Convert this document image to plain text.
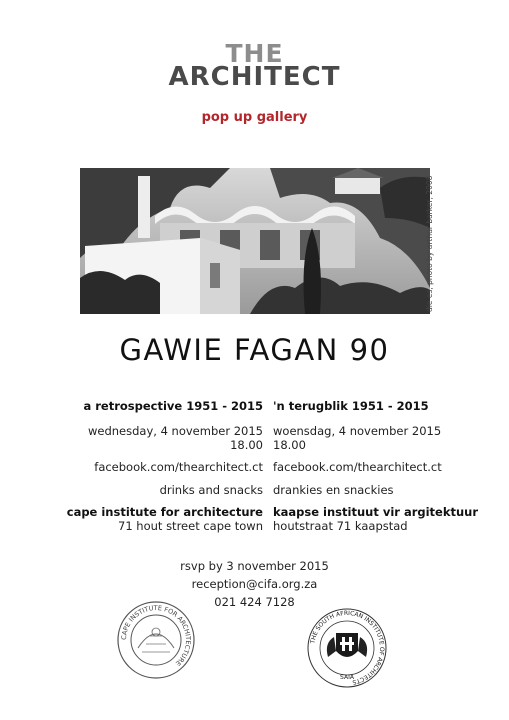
THE
ARCHITECT
pop up gallery
die es, photo by arthur barker, 2008
GAWIE FAGAN 90
a retrospective 1951 - 2015
wednesday, 4 november 2015
18.00
facebook.com/thearchitect.ct
drinks and snacks
cape institute for architecture
71 hout street cape town
'n terugblik 1951 - 2015
woensdag, 4 november 2015
18.00
facebook.com/thearchitect.ct
drankies en snackies
kaapse instituut vir argitektuur
houtstraat 71 kaapstad
rsvp by 3 november 2015
reception@cifa.org.za
021 424 7128
CAPE INSTITUTE FOR ARCHITECTURE
THE SOUTH AFRICAN INSTITUTE OF ARCHITECTS
SAIA
